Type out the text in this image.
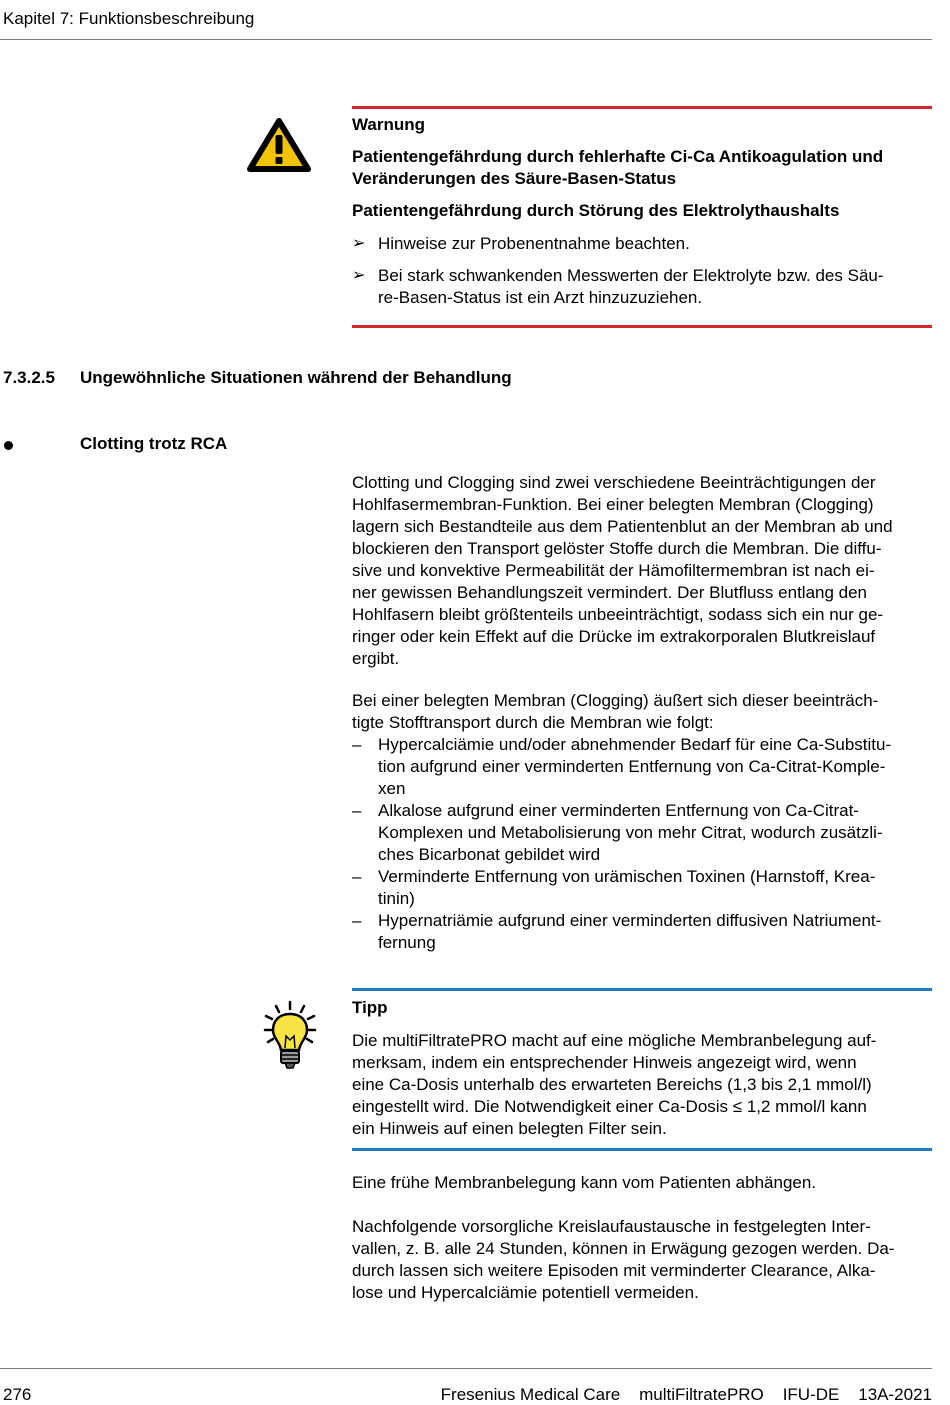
Kapitel 7: Funktionsbeschreibung
Warnung
Patientengefährdung durch fehlerhafte Ci-Ca Antikoagulation und
Veränderungen des Säure-Basen-Status
Patientengefährdung durch Störung des Elektrolythaushalts
➢ Hinweise zur Probenentnahme beachten.
➢ Bei stark schwankenden Messwerten der Elektrolyte bzw. des Säu-
re-Basen-Status ist ein Arzt hinzuzuziehen.
7.3.2.5 Ungewöhnliche Situationen während der Behandlung
Clotting trotz RCA
Clotting und Clogging sind zwei verschiedene Beeinträchtigungen der
Hohlfasermembran-Funktion. Bei einer belegten Membran (Clogging)
lagern sich Bestandteile aus dem Patientenblut an der Membran ab und
blockieren den Transport gelöster Stoffe durch die Membran. Die diffu-
sive und konvektive Permeabilität der Hämofiltermembran ist nach ei-
ner gewissen Behandlungszeit vermindert. Der Blutfluss entlang den
Hohlfasern bleibt größtenteils unbeeinträchtigt, sodass sich ein nur ge-
ringer oder kein Effekt auf die Drücke im extrakorporalen Blutkreislauf
ergibt.
Bei einer belegten Membran (Clogging) äußert sich dieser beeinträch-
tigte Stofftransport durch die Membran wie folgt:
– Hypercalciämie und/oder abnehmender Bedarf für eine Ca-Substitu-
tion aufgrund einer verminderten Entfernung von Ca-Citrat-Komple-
xen
– Alkalose aufgrund einer verminderten Entfernung von Ca-Citrat-
Komplexen und Metabolisierung von mehr Citrat, wodurch zusätzli-
ches Bicarbonat gebildet wird
– Verminderte Entfernung von urämischen Toxinen (Harnstoff, Krea-
tinin)
– Hypernatriämie aufgrund einer verminderten diffusiven Natriument-
fernung
Tipp
Die multiFiltratePRO macht auf eine mögliche Membranbelegung auf-
merksam, indem ein entsprechender Hinweis angezeigt wird, wenn
eine Ca-Dosis unterhalb des erwarteten Bereichs (1,3 bis 2,1 mmol/l)
eingestellt wird. Die Notwendigkeit einer Ca-Dosis ≤ 1,2 mmol/l kann
ein Hinweis auf einen belegten Filter sein.
Eine frühe Membranbelegung kann vom Patienten abhängen.
Nachfolgende vorsorgliche Kreislaufaustausche in festgelegten Inter-
vallen, z. B. alle 24 Stunden, können in Erwägung gezogen werden. Da-
durch lassen sich weitere Episoden mit verminderter Clearance, Alka-
lose und Hypercalciämie potentiell vermeiden.
276	Fresenius Medical Care multiFiltratePRO IFU-DE 13A-2021
